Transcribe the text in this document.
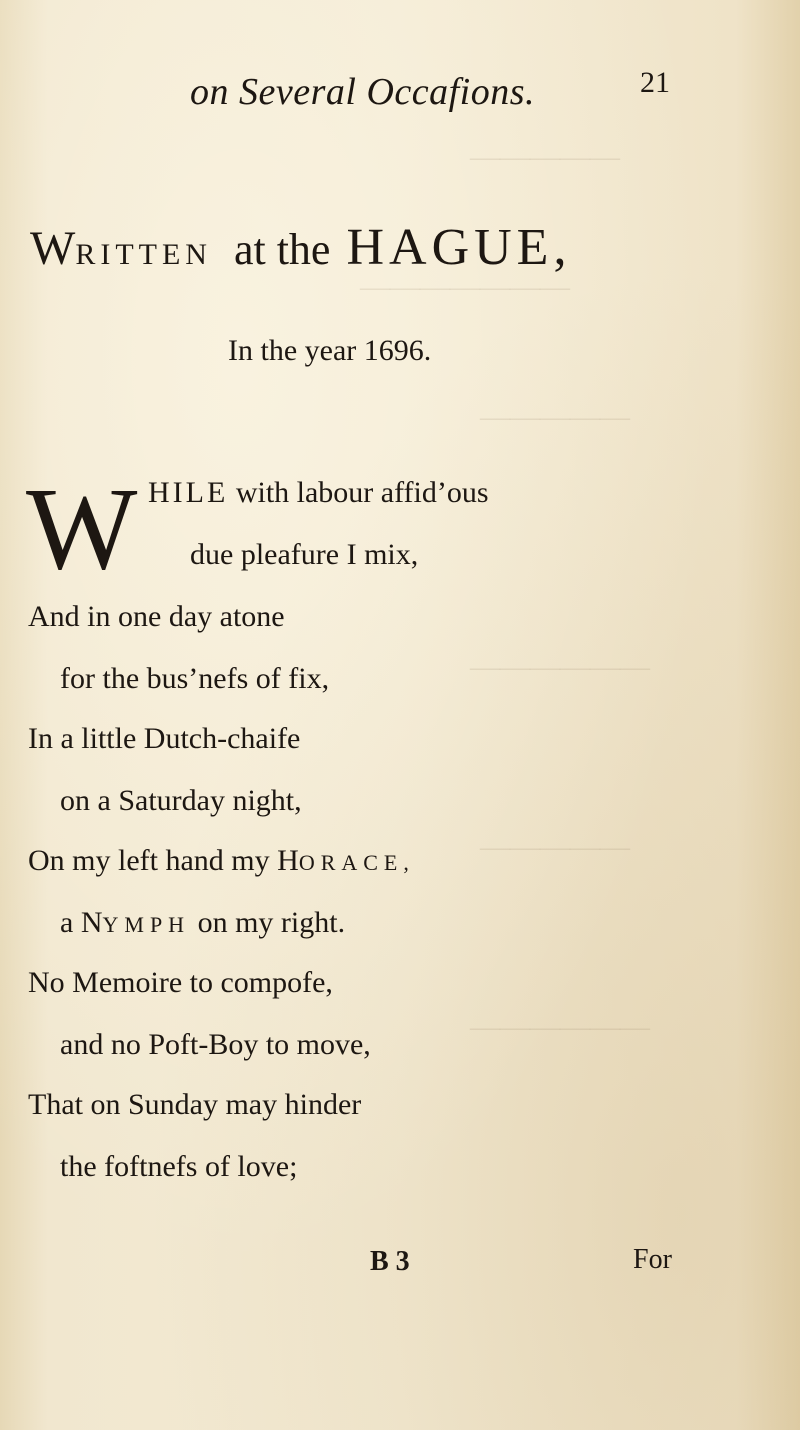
—————
———————
—————
——————
—————
——————
on Several Occafions.	21
WRITTEN at the HAGUE,
In the year 1696.
W HILE with labour affid’ous
due pleafure I mix,
And in one day atone
for the bus’nefs of fix,
In a little Dutch-chaife
on a Saturday night,
On my left hand my HORACE,
a NYMPH on my right.
No Memoire to compofe,
and no Poft-Boy to move,
That on Sunday may hinder
the foftnefs of love;
B 3	For
